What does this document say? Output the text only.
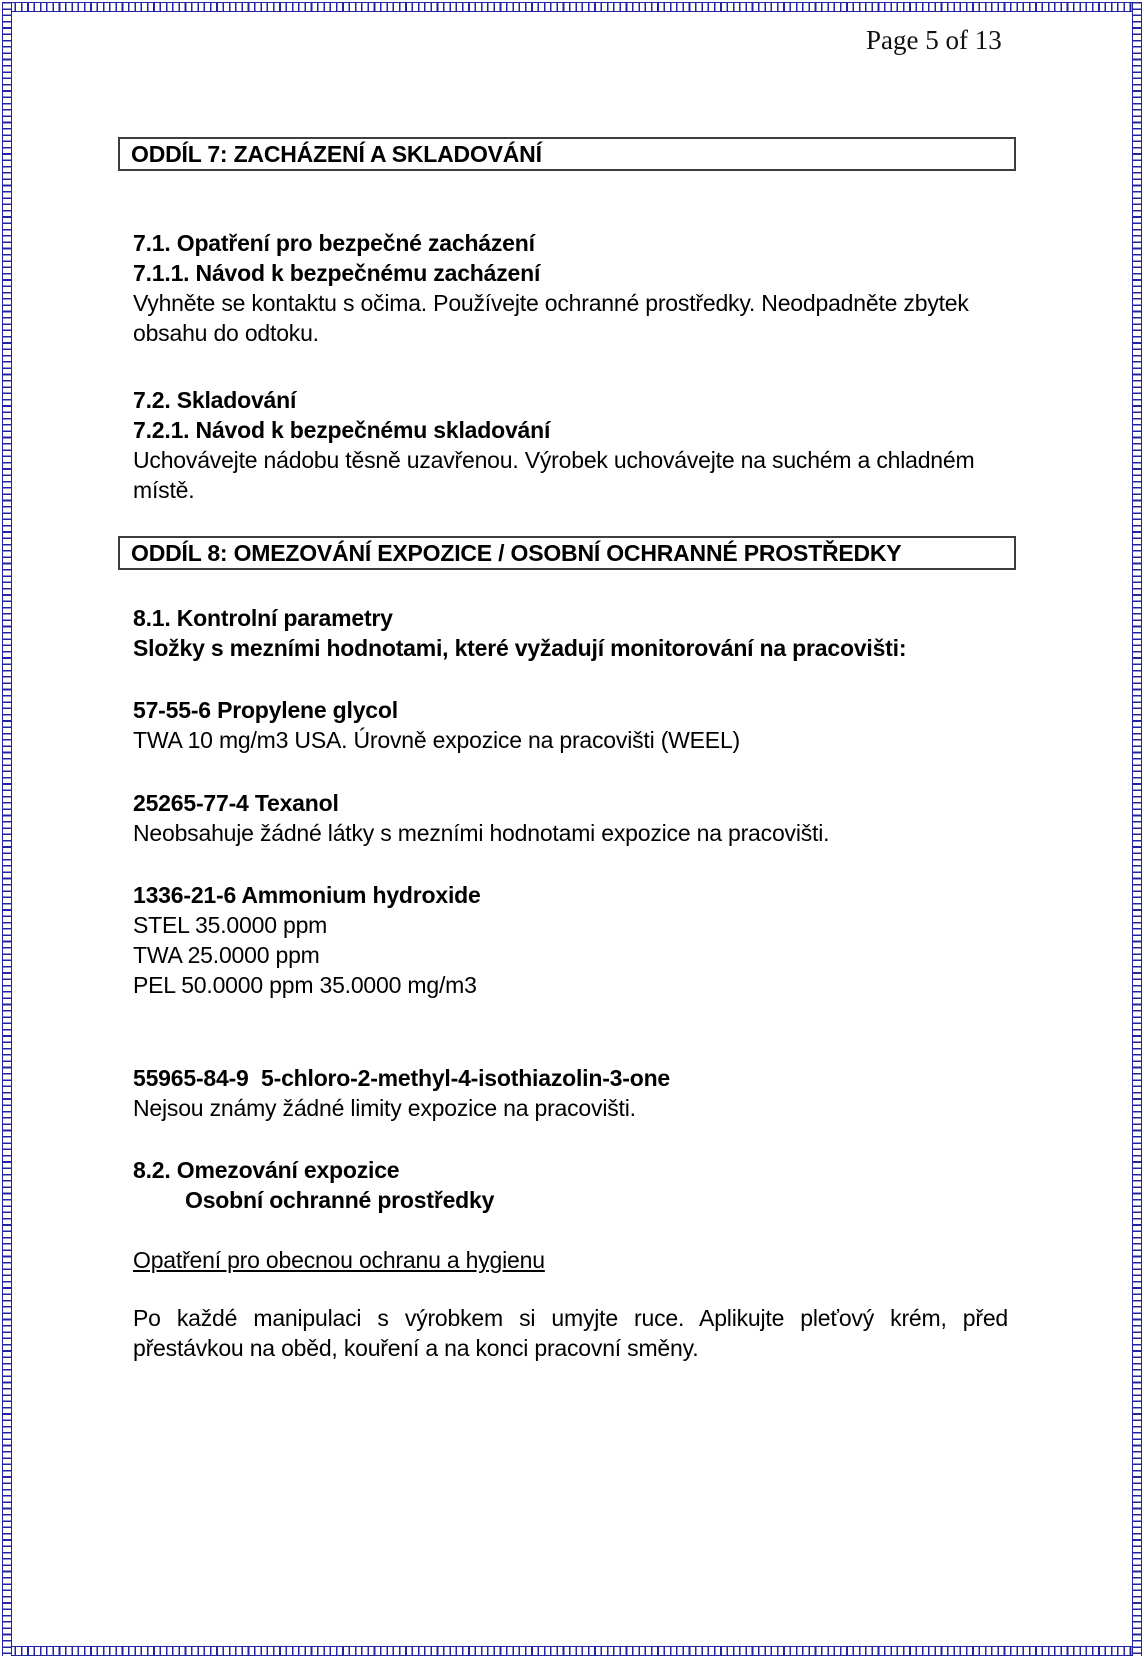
Page 5 of 13
ODDÍL 7: ZACHÁZENÍ A SKLADOVÁNÍ
7.1. Opatření pro bezpečné zacházení
7.1.1. Návod k bezpečnému zacházení
Vyhněte se kontaktu s očima. Používejte ochranné prostředky. Neodpadněte zbytek obsahu do odtoku.
7.2. Skladování
7.2.1. Návod k bezpečnému skladování
Uchovávejte nádobu těsně uzavřenou. Výrobek uchovávejte na suchém a chladném místě.
ODDÍL 8: OMEZOVÁNÍ EXPOZICE / OSOBNÍ OCHRANNÉ PROSTŘEDKY
8.1. Kontrolní parametry
Složky s mezními hodnotami, které vyžadují monitorování na pracovišti:
57-55-6 Propylene glycol
TWA 10 mg/m3 USA. Úrovně expozice na pracovišti (WEEL)
25265-77-4 Texanol
Neobsahuje žádné látky s mezními hodnotami expozice na pracovišti.
1336-21-6 Ammonium hydroxide
STEL 35.0000 ppm
TWA 25.0000 ppm
PEL 50.0000 ppm 35.0000 mg/m3
55965-84-9  5-chloro-2-methyl-4-isothiazolin-3-one
Nejsou známy žádné limity expozice na pracovišti.
8.2. Omezování expozice
Osobní ochranné prostředky
Opatření pro obecnou ochranu a hygienu
Po každé manipulaci s výrobkem si umyjte ruce. Aplikujte pleťový krém, před přestávkou na oběd, kouření a na konci pracovní směny.
